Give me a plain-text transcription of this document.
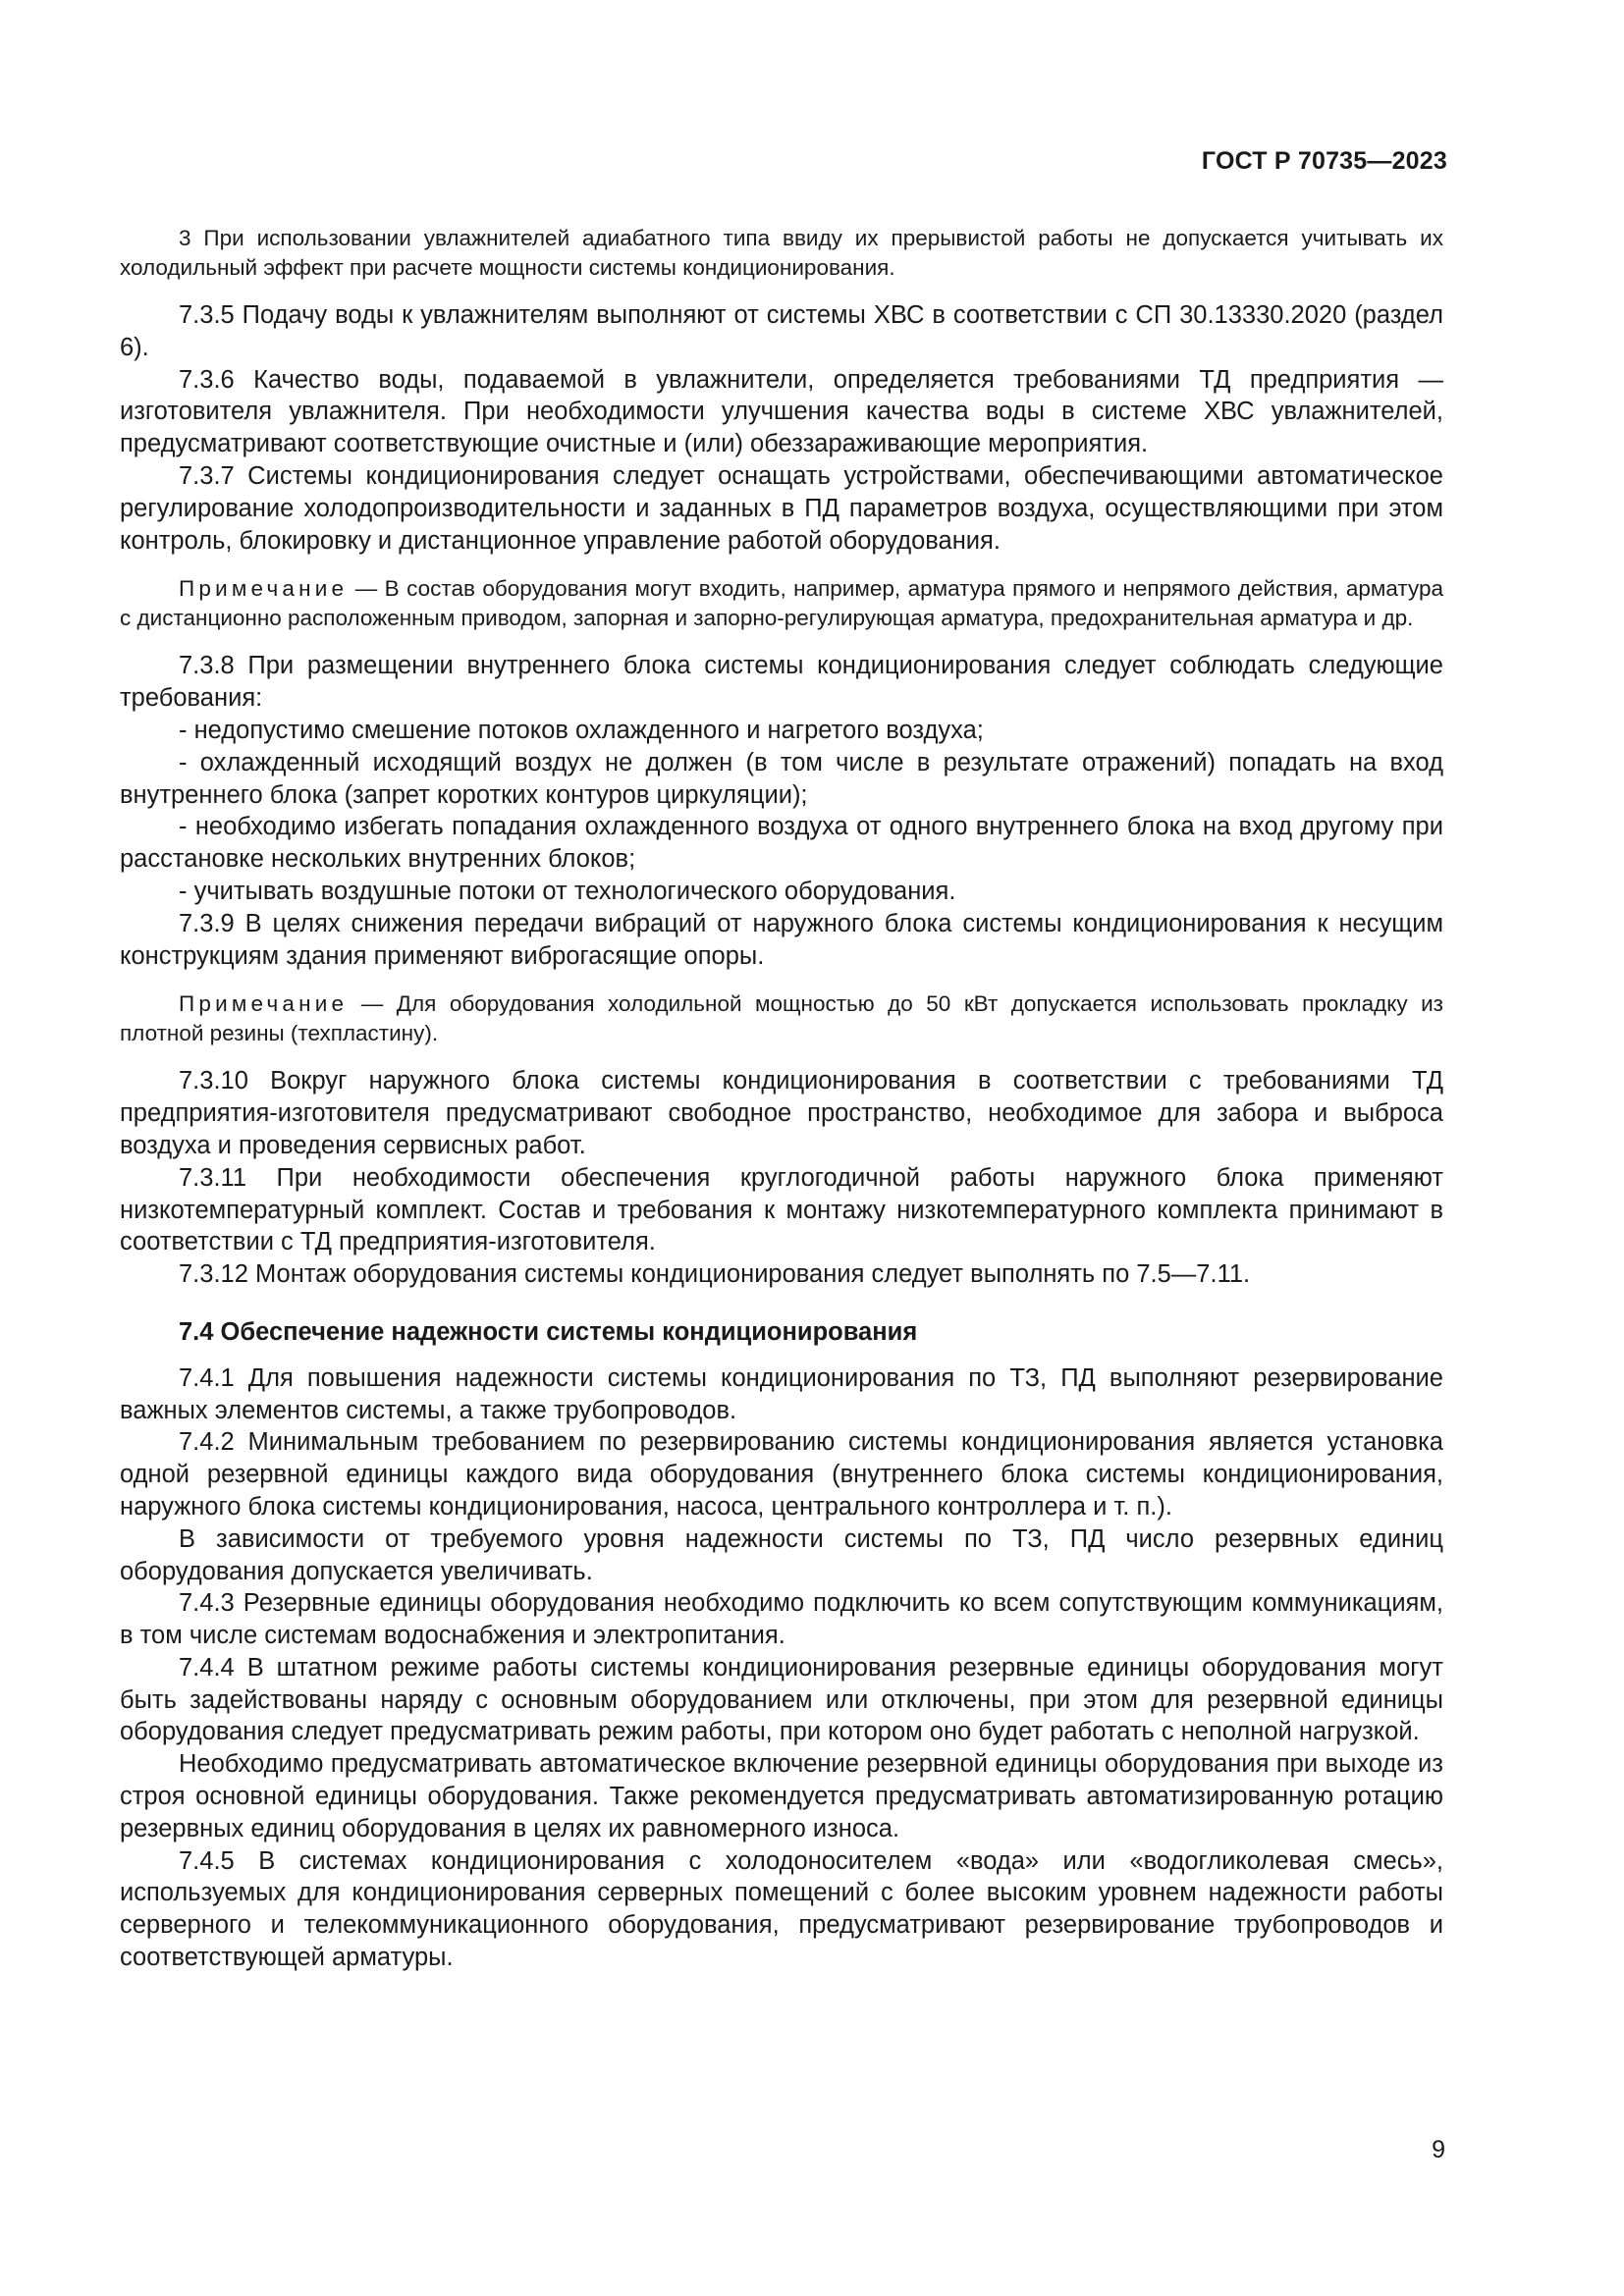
ГОСТ Р 70735—2023

3 При использовании увлажнителей адиабатного типа ввиду их прерывистой работы не допускается учитывать их холодильный эффект при расчете мощности системы кондиционирования.

7.3.5 Подачу воды к увлажнителям выполняют от системы ХВС в соответствии с СП 30.13330.2020 (раздел 6).

7.3.6 Качество воды, подаваемой в увлажнители, определяется требованиями ТД предприятия — изготовителя увлажнителя. При необходимости улучшения качества воды в системе ХВС увлажнителей, предусматривают соответствующие очистные и (или) обеззараживающие мероприятия.

7.3.7 Системы кондиционирования следует оснащать устройствами, обеспечивающими автоматическое регулирование холодопроизводительности и заданных в ПД параметров воздуха, осуществляющими при этом контроль, блокировку и дистанционное управление работой оборудования.

Примечание — В состав оборудования могут входить, например, арматура прямого и непрямого действия, арматура с дистанционно расположенным приводом, запорная и запорно-регулирующая арматура, предохранительная арматура и др.

7.3.8 При размещении внутреннего блока системы кондиционирования следует соблюдать следующие требования:

- недопустимо смешение потоков охлажденного и нагретого воздуха;

- охлажденный исходящий воздух не должен (в том числе в результате отражений) попадать на вход внутреннего блока (запрет коротких контуров циркуляции);

- необходимо избегать попадания охлажденного воздуха от одного внутреннего блока на вход другому при расстановке нескольких внутренних блоков;

- учитывать воздушные потоки от технологического оборудования.

7.3.9 В целях снижения передачи вибраций от наружного блока системы кондиционирования к несущим конструкциям здания применяют виброгасящие опоры.

Примечание — Для оборудования холодильной мощностью до 50 кВт допускается использовать прокладку из плотной резины (техпластину).

7.3.10 Вокруг наружного блока системы кондиционирования в соответствии с требованиями ТД предприятия-изготовителя предусматривают свободное пространство, необходимое для забора и выброса воздуха и проведения сервисных работ.

7.3.11 При необходимости обеспечения круглогодичной работы наружного блока применяют низкотемпературный комплект. Состав и требования к монтажу низкотемпературного комплекта принимают в соответствии с ТД предприятия-изготовителя.

7.3.12 Монтаж оборудования системы кондиционирования следует выполнять по 7.5—7.11.

7.4 Обеспечение надежности системы кондиционирования

7.4.1 Для повышения надежности системы кондиционирования по ТЗ, ПД выполняют резервирование важных элементов системы, а также трубопроводов.

7.4.2 Минимальным требованием по резервированию системы кондиционирования является установка одной резервной единицы каждого вида оборудования (внутреннего блока системы кондиционирования, наружного блока системы кондиционирования, насоса, центрального контроллера и т. п.).

В зависимости от требуемого уровня надежности системы по ТЗ, ПД число резервных единиц оборудования допускается увеличивать.

7.4.3 Резервные единицы оборудования необходимо подключить ко всем сопутствующим коммуникациям, в том числе системам водоснабжения и электропитания.

7.4.4 В штатном режиме работы системы кондиционирования резервные единицы оборудования могут быть задействованы наряду с основным оборудованием или отключены, при этом для резервной единицы оборудования следует предусматривать режим работы, при котором оно будет работать с неполной нагрузкой.

Необходимо предусматривать автоматическое включение резервной единицы оборудования при выходе из строя основной единицы оборудования. Также рекомендуется предусматривать автоматизированную ротацию резервных единиц оборудования в целях их равномерного износа.

7.4.5 В системах кондиционирования с холодоносителем «вода» или «водогликолевая смесь», используемых для кондиционирования серверных помещений с более высоким уровнем надежности работы серверного и телекоммуникационного оборудования, предусматривают резервирование трубопроводов и соответствующей арматуры.

9
